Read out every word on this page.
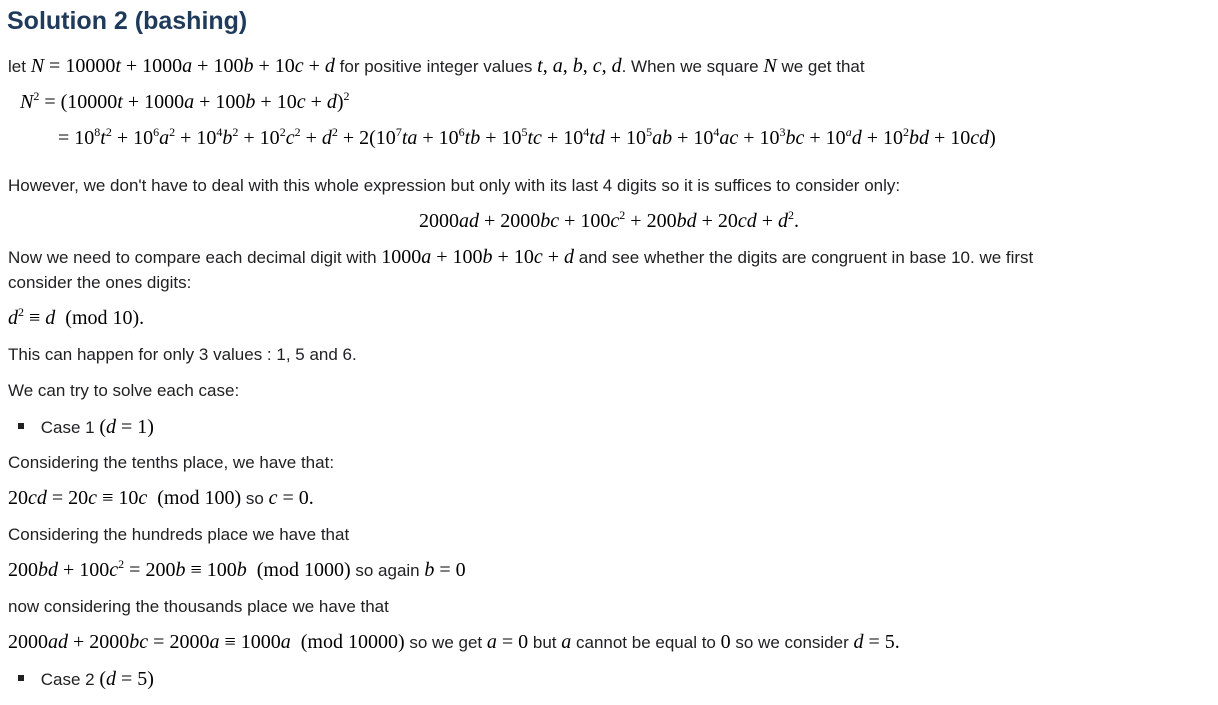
Solution 2 (bashing)
let N = 10000t + 1000a + 100b + 10c + d for positive integer values t, a, b, c, d. When we square N we get that
$N^2 = (10000t + 1000a + 100b + 10c + d)^2$
= $10^8t^2 + 10^6a^2 + 10^4b^2 + 10^2c^2 + d^2 + 2(10^7ta + 10^6tb + 10^5tc + 10^4td + 10^5ab + 10^4ac + 10^3bc + 10^ad + 10^2bd + 10cd)$
However, we don't have to deal with this whole expression but only with its last 4 digits so it is suffices to consider only:
$2000ad + 2000bc + 100c^2 + 200bd + 20cd + d^2$.
Now we need to compare each decimal digit with 1000a + 100b + 10c + d and see whether the digits are congruent in base 10. we first
consider the ones digits:
$d^2 \equiv d$  (mod 10).
This can happen for only 3 values : 1, 5 and 6.
We can try to solve each case:
Case 1 (d = 1)
Considering the tenths place, we have that:
20cd = 20c ≡ 10c  (mod 100) so c = 0.
Considering the hundreds place we have that
$200bd + 100c^2 = 200b \equiv 100b$  (mod 1000) so again b = 0
now considering the thousands place we have that
2000ad + 2000bc = 2000a ≡ 1000a  (mod 10000) so we get a = 0 but a cannot be equal to 0 so we consider d = 5.
Case 2 (d = 5)
